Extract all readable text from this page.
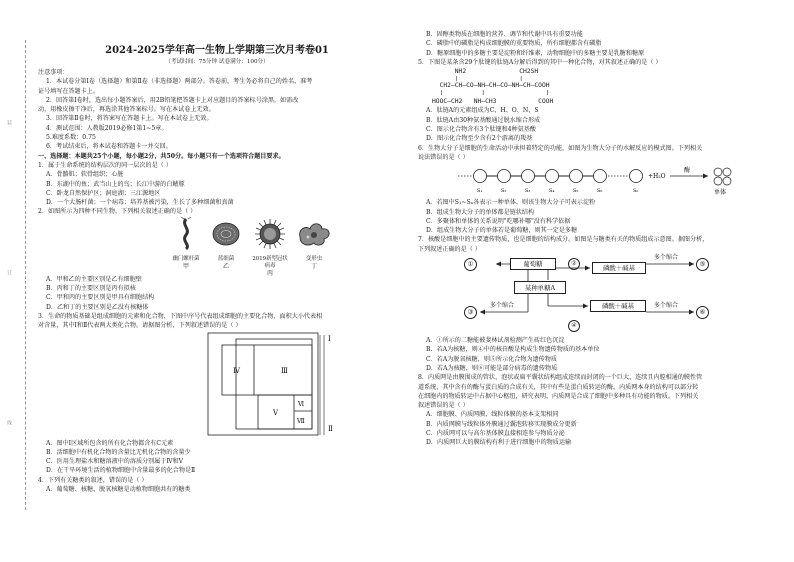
装
订
线
2024-2025学年高一生物上学期第三次月考卷01
（考试时间：75分钟 试卷满分：100分）
注意事项：
1．本试卷分第Ⅰ卷（选择题）和第Ⅱ卷（非选择题）两部分。答卷前，考生务必将自己的姓名、准考
证号填写在答题卡上。
2．回答第Ⅰ卷时，选出每小题答案后，用2B铅笔把答题卡上对应题目的答案标号涂黑。如需改
动，用橡皮擦干净后，再选涂其他答案标号。写在本试卷上无效。
3．回答第Ⅱ卷时，将答案写在答题卡上。写在本试卷上无效。
4．测试范围：人教版2019必修1第1~5章。
5.难度系数：0.75
6．考试结束后，将本试卷和答题卡一并交回。
一、选择题：本题共25个小题，每小题2分，共50分。每小题只有一个选项符合题目要求。
1．属于生命系统的结构层次的同一层次的是（ ）
A．骨骼肌；软骨组织；心脏
B．东湖中的鱼；武当山上的鸟；长江中游的白鳍豚
C．卧龙自然保护区；洞庭湖；三江源地区
D．一个大肠杆菌；一个病毒；培养基被污染，生长了多种细菌和真菌
2．如图所示为四种不同生物，下列相关叙述正确的是（ ）
幽门螺杆菌
甲
蓝细菌
乙
2019新型冠状病毒
丙
变形虫
丁
A．甲和乙的主要区别是乙有细胞壁
B．丙和丁的主要区别是丙有拟核
C．甲和丙的主要区别是甲具有细胞结构
D．乙和丁的主要区别是乙没有核糖体
3．生命的物质基础是组成细胞的元素和化合物，下图中序号代表组成细胞的主要化合物，面积大小代表相
对含量，其中Ⅰ和Ⅱ代表两大类化合物。请据图分析，下列叙述错误的是（ ）
Ⅰ
Ⅱ
Ⅲ
Ⅳ
Ⅴ
Ⅵ
Ⅶ
A．图中Ⅰ区域所包含的所有化合物都含有C元素
B．活细胞中有机化合物的含量比无机化合物的含量少
C．医用生理盐水和糖溶液中的溶质分别属于Ⅳ和Ⅴ
D．在干旱环境生活的植物细胞中含量最多的化合物是Ⅱ
4．下列有关糖类的叙述，错误的是（ ）
A．葡萄糖、核糖、脱氧核糖是动植物细胞共有的糖类
B．固醇类物质在细胞的营养、调节和代谢中具有重要功能
C．磷脂中的磷脂是构成细胞膜的重要物质，所有细胞都含有磷脂
D．糖原细胞中的多糖主要是淀粉和纤维素，动物细胞中的多糖主要是乳糖和糖原
5．下图是某条含29个肽键的肽链A分解后得到的其中一种化合物，对其叙述正确的是（ ）
NH2              CH2SH
|                |
CH2—CH—CO—NH—CH—CO—NH—CH—COOH
|          |                |
HOOC—CH2   NH—CH3           COOH
A．肽链A的元素组成为C、H、O、N、S
B．肽链A由30种氨基酸通过脱水缩合形成
C．图示化合物含有3个肽键和4种氨基酸
D．图示化合物至少含有2个游离的羧基
6．生物大分子是细胞的生命活动中承担着特定的功能，如图为生物大分子的水解反应的模式图。下列相关
说法错误的是（ ）
S₁	S₂	S₃	S₄	S₅	S₆	Sₙ
+H₂O
酶
单体
A．若图中S₁~Sₙ各表示一种单体，则该生物大分子可表示淀粉
B．组成生物大分子的单体都是链状结构
C．多聚体和单体的关系说明"吃哪补哪"没有科学依据
D．组成生物大分子的单体若是葡萄糖，则其一定是多糖
7．核酸是细胞中的主要遗传物质，也是细胞的结构成分。如图是与糖类有关的物质组成示意图。据图分析，
下列叙述正确的是（ ）
①	葡萄糖	磷酸＋碱基
多个缩合
⑤
某种单糖A
③
多个缩合	磷酸＋碱基	多个缩合
⑥
②
④
A．①所示的二糖能被斐林试剂检测产生砖红色沉淀
B．若A为核糖，则④中的核苷酸是构成生物遗传物质的基本单位
C．若A为脱氧核糖，则⑤所示化合物为遗传物质
D．若A为核糖，则⑥可能是部分病毒的遗传物质
8．内质网是由膜围成的管状、泡状或扁平囊状结构组成连续而封闭的一个巨大、连续且内腔相通的膜性管
道系统，其中含有的酶与蛋白质的合成有关，其中有些是蛋白质转运的酶，内质网本身的结构可以部分转
在细胞内的物质转运中占据中心枢纽，研究表明，内质网是合成了细胞中多种具有功能的物质。下列相关
叙述错误的是（ ）
A．细胞膜、内质网膜、线粒体膜的基本支架相同
B．内质网膜与线粒体外膜通过囊泡转移实现膜成分更新
C．内质网可以与高尔基体膜直接相连参与物质分泌
D．内质网巨大的膜结构有利于进行细胞中的物质运输
